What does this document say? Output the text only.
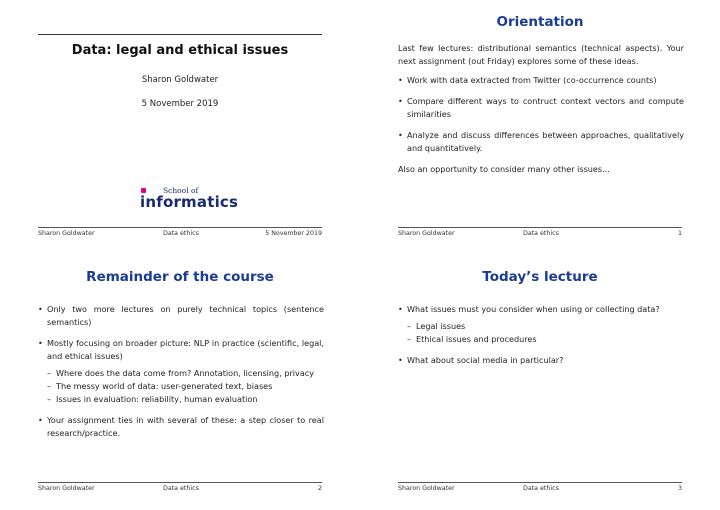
Data: legal and ethical issues
Sharon Goldwater
5 November 2019
School of
informatics
Sharon Goldwater	Data ethics	5 November 2019
Orientation

Last few lectures: distributional semantics (technical aspects). Your next assignment (out Friday) explores some of these ideas.

• Work with data extracted from Twitter (co-occurrence counts)
• Compare different ways to contruct context vectors and compute similarities
• Analyze and discuss differences between approaches, qualitatively and quantitatively.

Also an opportunity to consider many other issues...

Sharon Goldwater	Data ethics	1
Remainder of the course
• Only two more lectures on purely technical topics (sentence semantics)
• Mostly focusing on broader picture: NLP in practice (scientific, legal, and ethical issues)
– Where does the data come from? Annotation, licensing, privacy
– The messy world of data: user-generated text, biases
– Issues in evaluation: reliability, human evaluation
• Your assignment ties in with several of these: a step closer to real research/practice.
Sharon Goldwater	Data ethics	2
Today’s lecture
• What issues must you consider when using or collecting data?
– Legal issues
– Ethical issues and procedures
• What about social media in particular?
Sharon Goldwater	Data ethics	3
